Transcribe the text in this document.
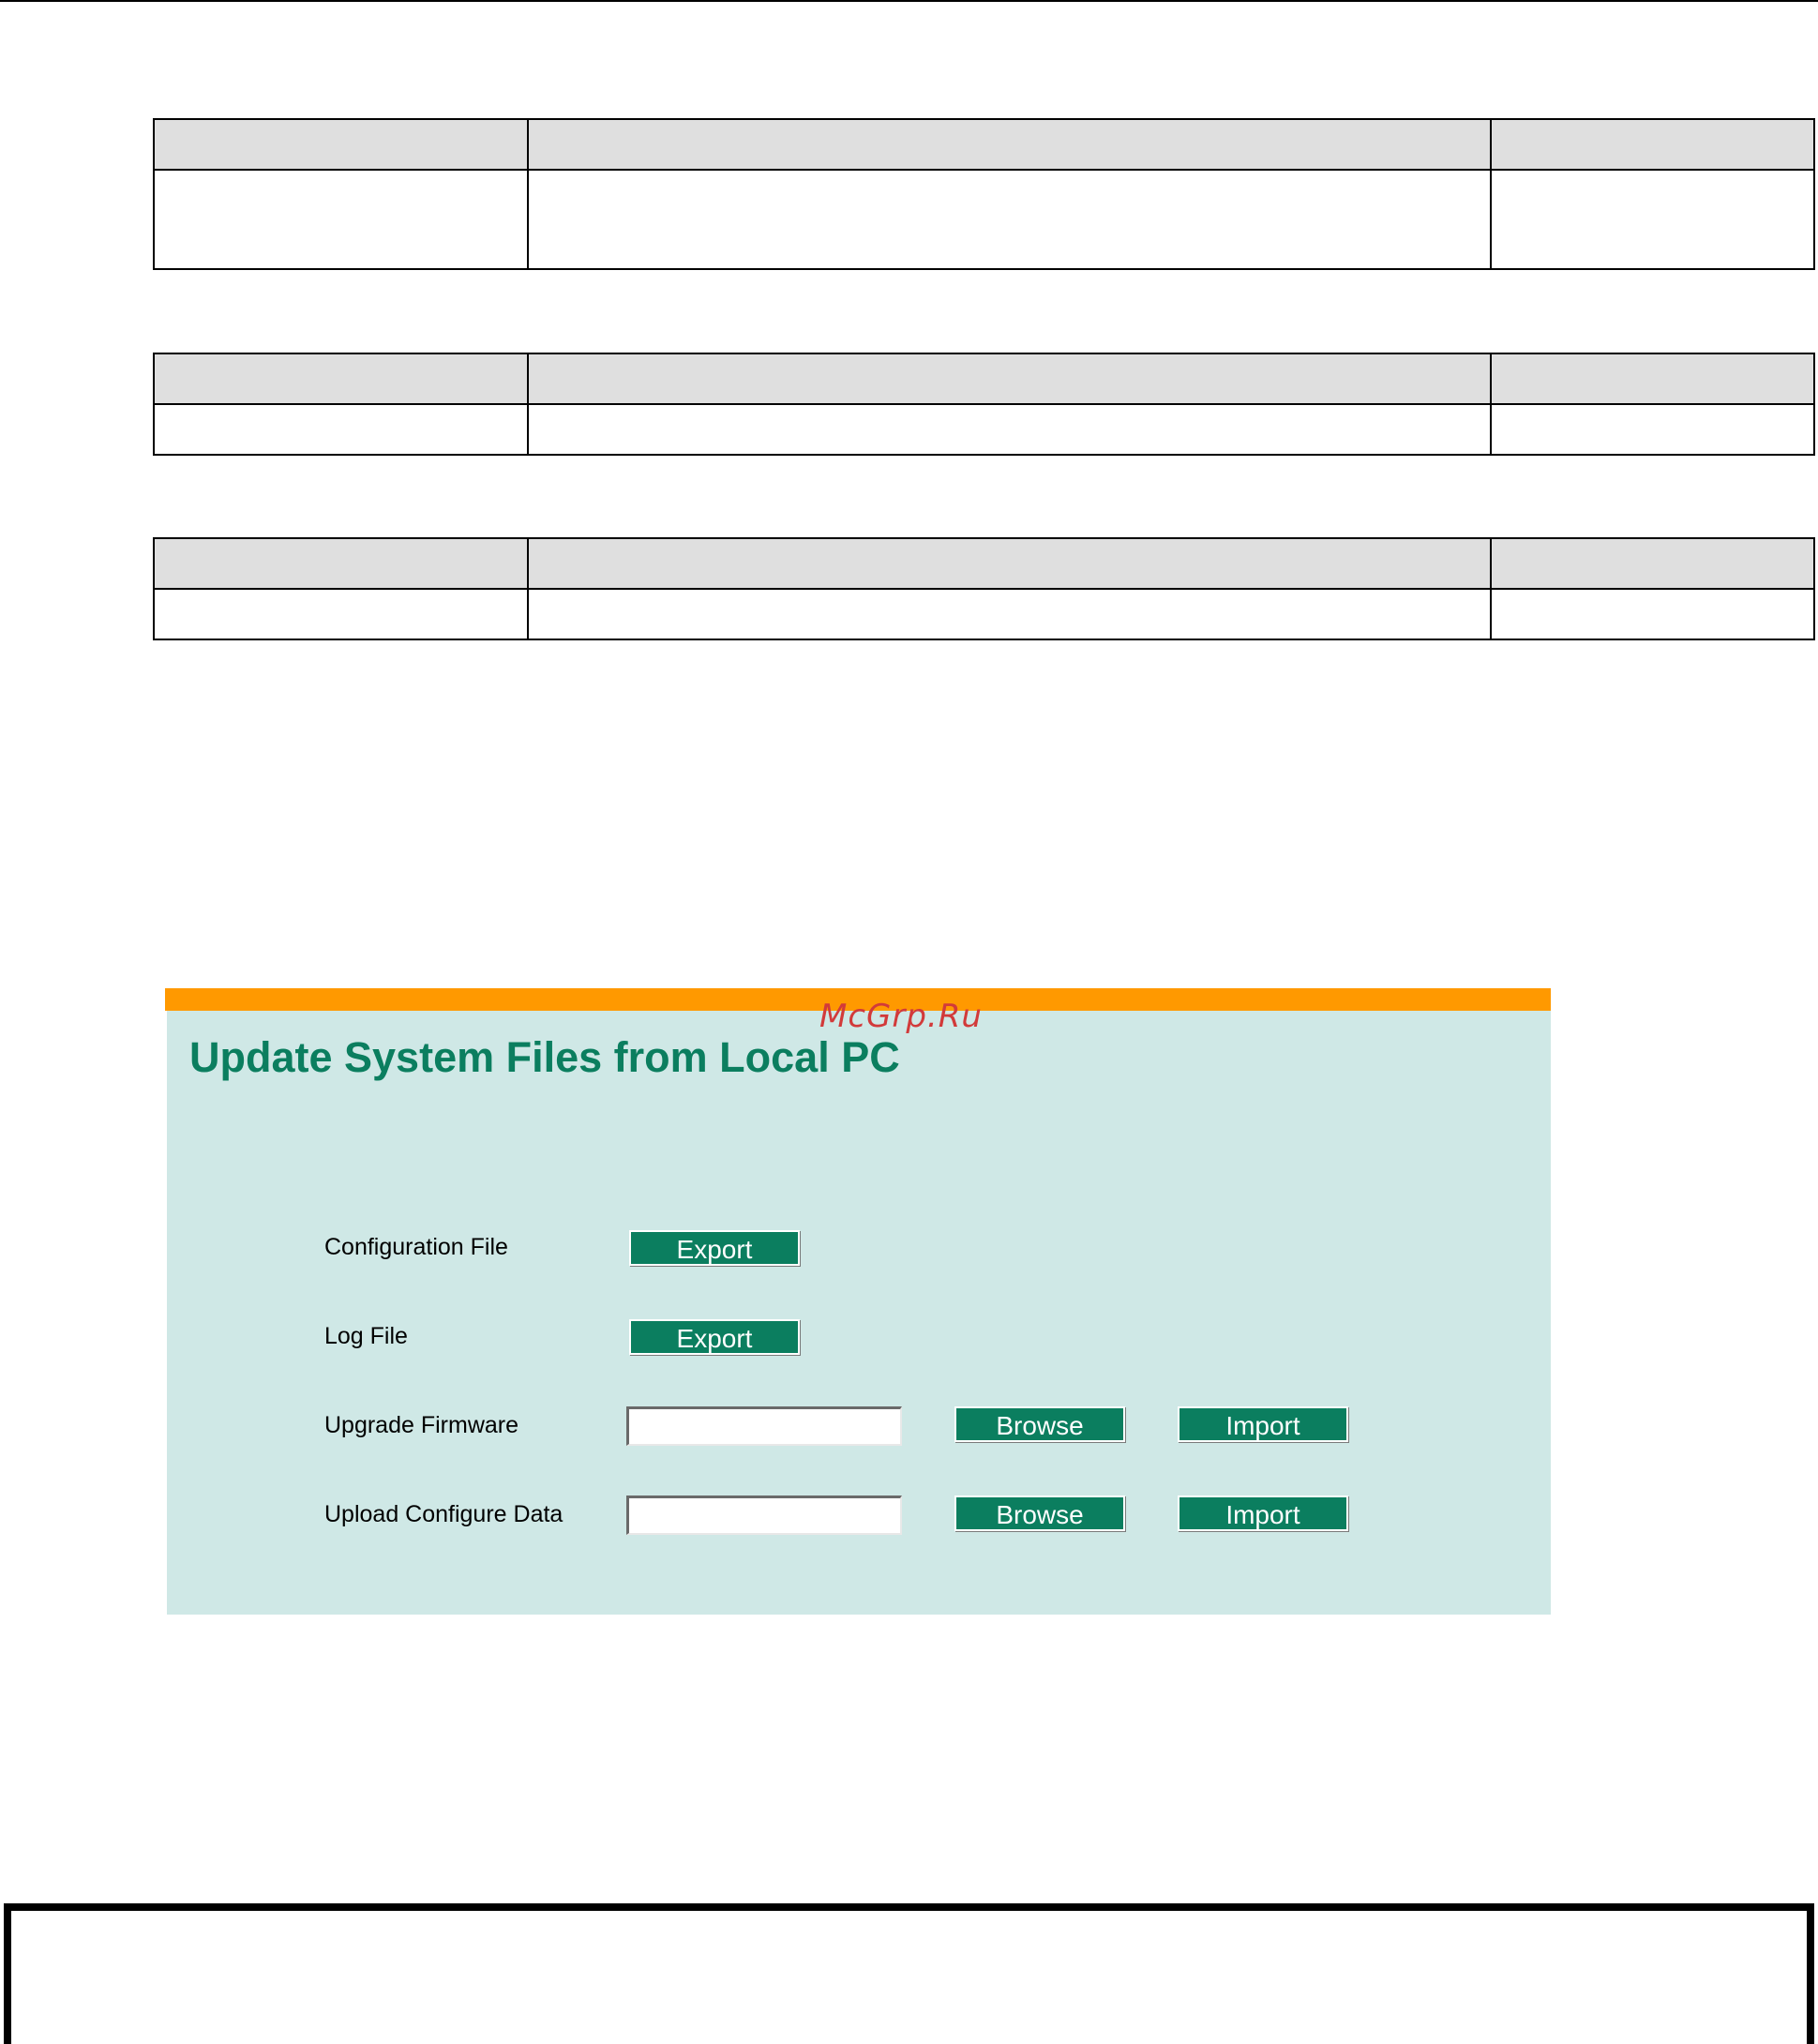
McGrp.Ru
Update System Files from Local PC
Configuration File	Export
Log File	Export
Upgrade Firmware	Browse	Import
Upload Configure Data	Browse	Import
